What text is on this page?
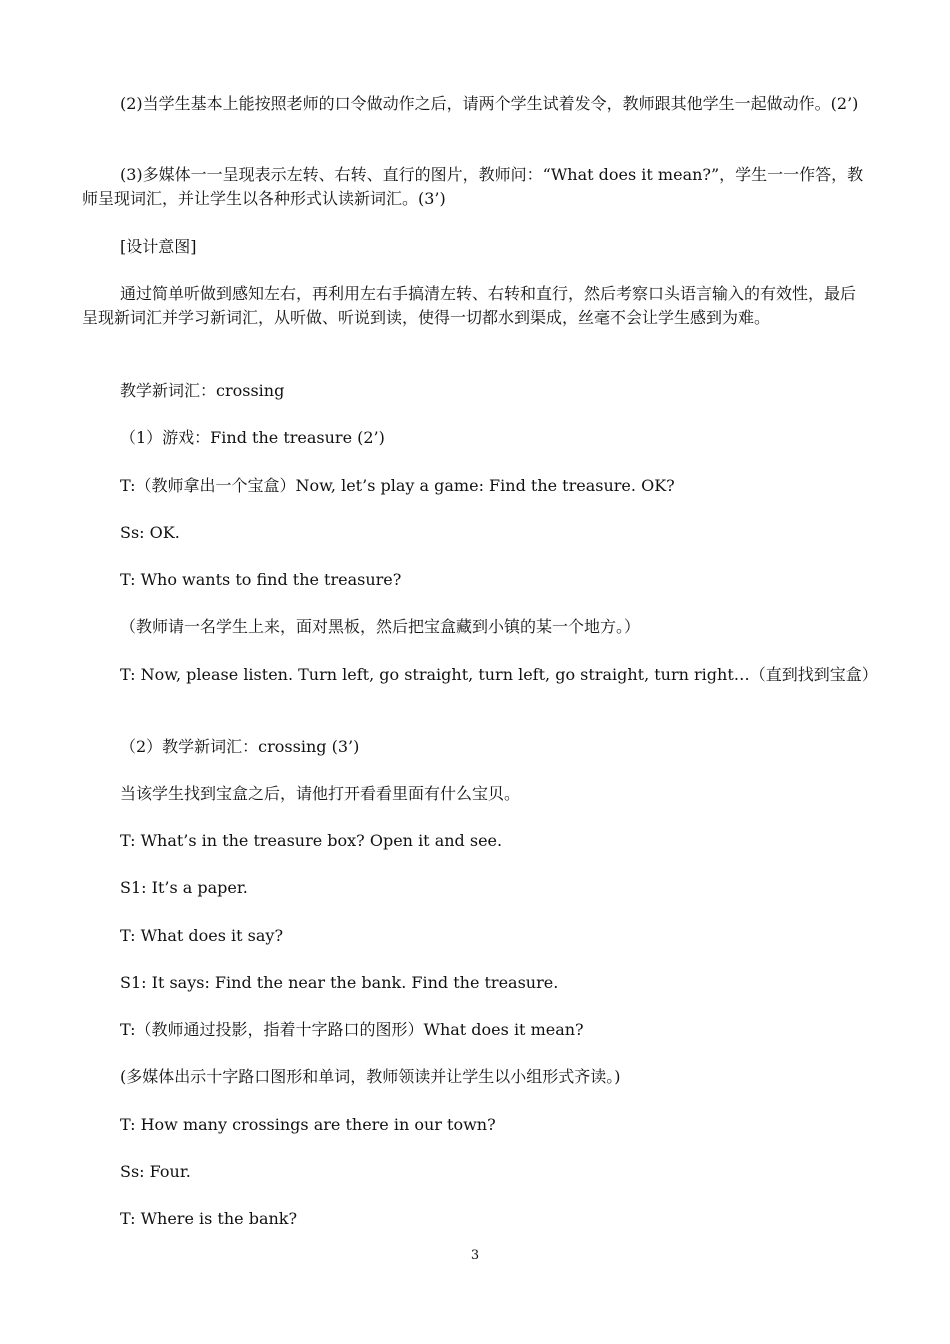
(2)当学生基本上能按照老师的口令做动作之后，请两个学生试着发令，教师跟其他学生一起做动作。(2’)

(3)多媒体一一呈现表示左转、右转、直行的图片，教师问：“What does it mean?”，学生一一作答，教师呈现词汇，并让学生以各种形式认读新词汇。(3’)

[设计意图]

通过简单听做到感知左右，再利用左右手搞清左转、右转和直行，然后考察口头语言输入的有效性，最后呈现新词汇并学习新词汇，从听做、听说到读，使得一切都水到渠成，丝毫不会让学生感到为难。

教学新词汇：crossing

（1）游戏：Find the treasure (2’)

T:（教师拿出一个宝盒）Now, let’s play a game: Find the treasure. OK?

Ss: OK.

T: Who wants to find the treasure?

（教师请一名学生上来，面对黑板，然后把宝盒藏到小镇的某一个地方。）

T: Now, please listen. Turn left, go straight, turn left, go straight, turn right…（直到找到宝盒）

（2）教学新词汇：crossing (3’)

当该学生找到宝盒之后，请他打开看看里面有什么宝贝。

T: What’s in the treasure box? Open it and see.

S1: It’s a paper.

T: What does it say?

S1: It says: Find the near the bank. Find the treasure.

T:（教师通过投影，指着十字路口的图形）What does it mean?

(多媒体出示十字路口图形和单词，教师领读并让学生以小组形式齐读。)

T: How many crossings are there in our town?

Ss: Four.

T: Where is the bank?

3
